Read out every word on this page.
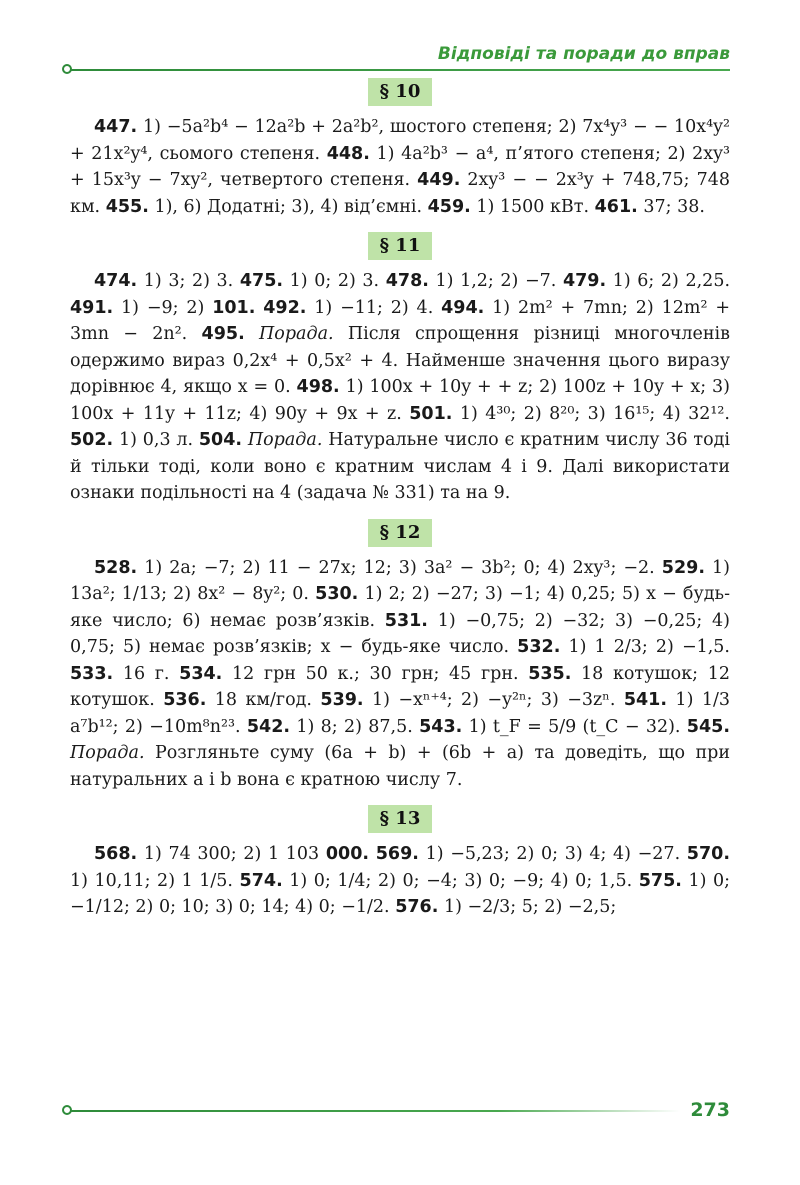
Відповіді та поради до вправ
§ 10

447. 1) −5a²b⁴ − 12a²b + 2a²b², шостого степеня; 2) 7x⁴y³ − − 10x⁴y² + 21x²y⁴, сьомого степеня. 448. 1) 4a²b³ − a⁴, п’ятого степеня; 2) 2xy³ + 15x³y − 7xy², четвертого степеня. 449. 2xy³ − − 2x³y + 748,75; 748 км. 455. 1), 6) Додатні; 3), 4) від’ємні. 459. 1) 1500 кВт. 461. 37; 38.

§ 11

474. 1) 3; 2) 3. 475. 1) 0; 2) 3. 478. 1) 1,2; 2) −7. 479. 1) 6; 2) 2,25. 491. 1) −9; 2) 101. 492. 1) −11; 2) 4. 494. 1) 2m² + 7mn; 2) 12m² + 3mn − 2n². 495. Порада. Після спрощення різниці многочленів одержимо вираз 0,2x⁴ + 0,5x² + 4. Найменше значення цього виразу дорівнює 4, якщо x = 0. 498. 1) 100x + 10y + + z; 2) 100z + 10y + x; 3) 100x + 11y + 11z; 4) 90y + 9x + z. 501. 1) 4³⁰; 2) 8²⁰; 3) 16¹⁵; 4) 32¹². 502. 1) 0,3 л. 504. Порада. Натуральне число є кратним числу 36 тоді й тільки тоді, коли воно є кратним числам 4 і 9. Далі використати ознаки подільності на 4 (задача № 331) та на 9.

§ 12

528. 1) 2a; −7; 2) 11 − 27x; 12; 3) 3a² − 3b²; 0; 4) 2xy³; −2. 529. 1) 13a²; 1/13; 2) 8x² − 8y²; 0. 530. 1) 2; 2) −27; 3) −1; 4) 0,25; 5) x − будь-яке число; 6) немає розв’язків. 531. 1) −0,75; 2) −32; 3) −0,25; 4) 0,75; 5) немає розв’язків; x − будь-яке число. 532. 1) 1 2/3; 2) −1,5. 533. 16 г. 534. 12 грн 50 к.; 30 грн; 45 грн. 535. 18 котушок; 12 котушок. 536. 18 км/год. 539. 1) −xⁿ⁺⁴; 2) −y²ⁿ; 3) −3zⁿ. 541. 1) 1/3 a⁷b¹²; 2) −10m⁸n²³. 542. 1) 8; 2) 87,5. 543. 1) t_F = 5/9 (t_C − 32). 545. Порада. Розгляньте суму (6a + b) + (6b + a) та доведіть, що при натуральних a і b вона є кратною числу 7.

§ 13

568. 1) 74 300; 2) 1 103 000. 569. 1) −5,23; 2) 0; 3) 4; 4) −27. 570. 1) 10,11; 2) 1 1/5. 574. 1) 0; 1/4; 2) 0; −4; 3) 0; −9; 4) 0; 1,5. 575. 1) 0; −1/12; 2) 0; 10; 3) 0; 14; 4) 0; −1/2. 576. 1) −2/3; 5; 2) −2,5;

273
